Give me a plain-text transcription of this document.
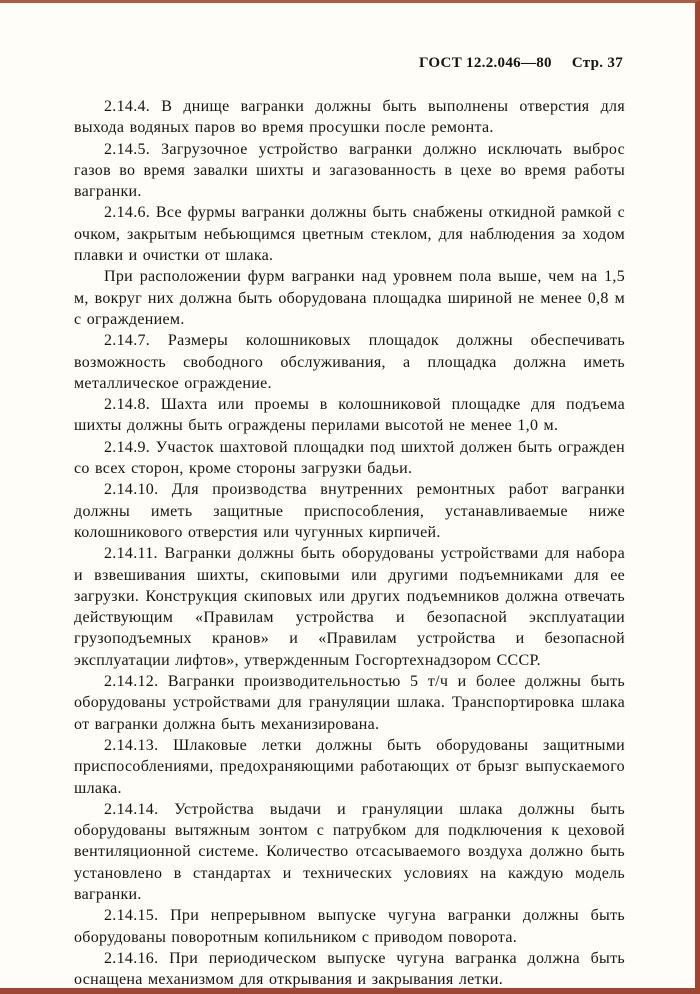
ГОСТ 12.2.046—80 Стр. 37

2.14.4. В днище вагранки должны быть выполнены отверстия для выхода водяных паров во время просушки после ремонта.

2.14.5. Загрузочное устройство вагранки должно исключать выброс газов во время завалки шихты и загазованность в цехе во время работы вагранки.

2.14.6. Все фурмы вагранки должны быть снабжены откидной рамкой с очком, закрытым небьющимся цветным стеклом, для наблюдения за ходом плавки и очистки от шлака.

При расположении фурм вагранки над уровнем пола выше, чем на 1,5 м, вокруг них должна быть оборудована площадка шириной не менее 0,8 м с ограждением.

2.14.7. Размеры колошниковых площадок должны обеспечивать возможность свободного обслуживания, а площадка должна иметь металлическое ограждение.

2.14.8. Шахта или проемы в колошниковой площадке для подъема шихты должны быть ограждены перилами высотой не менее 1,0 м.

2.14.9. Участок шахтовой площадки под шихтой должен быть огражден со всех сторон, кроме стороны загрузки бадьи.

2.14.10. Для производства внутренних ремонтных работ вагранки должны иметь защитные приспособления, устанавливаемые ниже колошникового отверстия или чугунных кирпичей.

2.14.11. Вагранки должны быть оборудованы устройствами для набора и взвешивания шихты, скиповыми или другими подъемниками для ее загрузки. Конструкция скиповых или других подъемников должна отвечать действующим «Правилам устройства и безопасной эксплуатации грузоподъемных кранов» и «Правилам устройства и безопасной эксплуатации лифтов», утвержденным Госгортехнадзором СССР.

2.14.12. Вагранки производительностью 5 т/ч и более должны быть оборудованы устройствами для грануляции шлака. Транспортировка шлака от вагранки должна быть механизирована.

2.14.13. Шлаковые летки должны быть оборудованы защитными приспособлениями, предохраняющими работающих от брызг выпускаемого шлака.

2.14.14. Устройства выдачи и грануляции шлака должны быть оборудованы вытяжным зонтом с патрубком для подключения к цеховой вентиляционной системе. Количество отсасываемого воздуха должно быть установлено в стандартах и технических условиях на каждую модель вагранки.

2.14.15. При непрерывном выпуске чугуна вагранки должны быть оборудованы поворотным копильником с приводом поворота.

2.14.16. При периодическом выпуске чугуна вагранка должна быть оснащена механизмом для открывания и закрывания летки.
